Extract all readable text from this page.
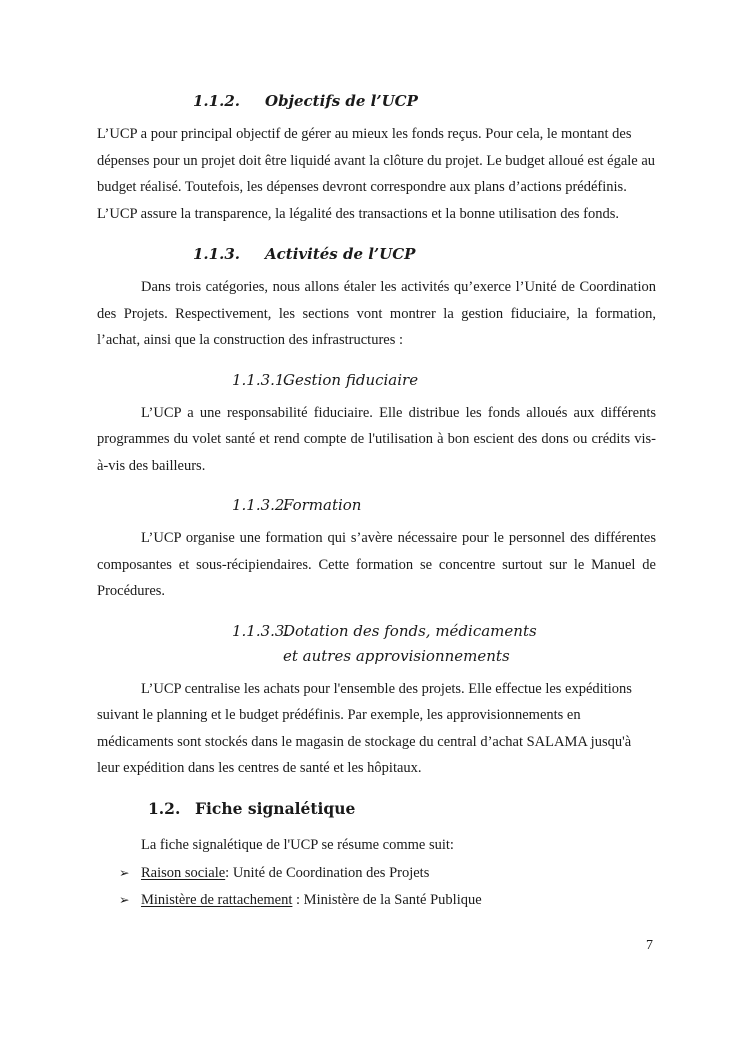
1.1.2.	Objectifs de l’UCP

L’UCP a pour principal objectif de gérer au mieux les fonds reçus. Pour cela, le montant des dépenses pour un projet doit être liquidé avant la clôture du projet. Le budget alloué est égale au budget réalisé. Toutefois, les dépenses devront correspondre aux plans d’actions prédéfinis. L’UCP assure la transparence, la légalité des transactions et la bonne utilisation des fonds.

1.1.3.	Activités de l’UCP

Dans trois catégories, nous allons étaler les activités qu’exerce l’Unité de Coordination des Projets. Respectivement, les sections vont montrer la gestion fiduciaire, la formation, l’achat, ainsi que la construction des infrastructures :

1.1.3.1.
Gestion fiduciaire

L’UCP a une responsabilité fiduciaire. Elle distribue les fonds alloués aux différents programmes du volet santé et rend compte de l'utilisation à bon escient des dons ou crédits vis-à-vis des bailleurs.

1.1.3.2.
Formation

L’UCP organise une formation qui s’avère nécessaire pour le personnel des différentes composantes et sous-récipiendaires. Cette formation se concentre surtout sur le Manuel de Procédures.

1.1.3.3.
Dotation des fonds, médicaments et autres approvisionnements

L’UCP centralise les achats pour l'ensemble des projets. Elle effectue les expéditions suivant le planning et le budget prédéfinis. Par exemple, les approvisionnements en médicaments sont stockés dans le magasin de stockage du central d’achat SALAMA jusqu'à leur expédition dans les centres de santé et les hôpitaux.

1.2. Fiche signalétique

La fiche signalétique de l'UCP se résume comme suit:

➢ Raison sociale: Unité de Coordination des Projets
➢ Ministère de rattachement : Ministère de la Santé Publique
7
